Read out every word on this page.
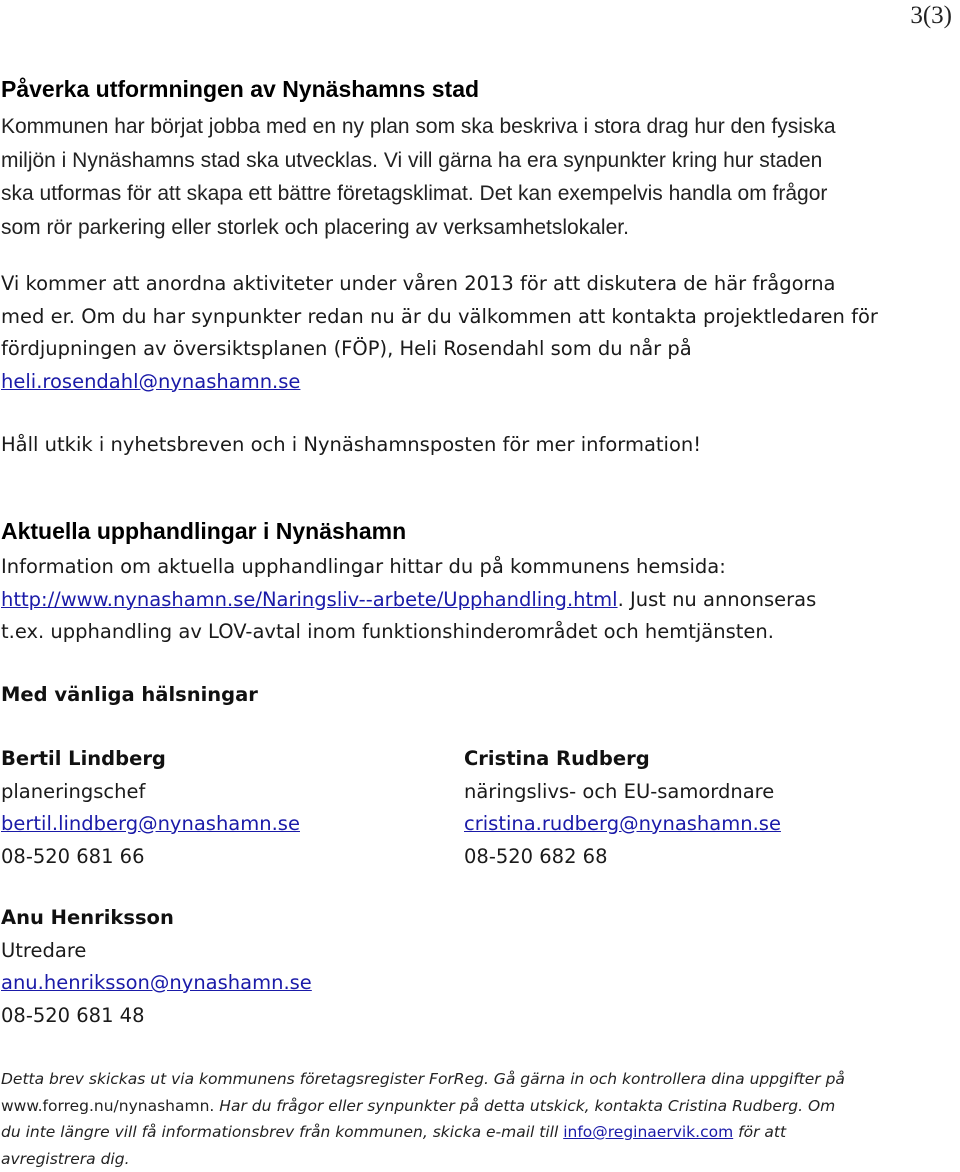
3(3)
Påverka utformningen av Nynäshamns stad
Kommunen har börjat jobba med en ny plan som ska beskriva i stora drag hur den fysiska
miljön i Nynäshamns stad ska utvecklas. Vi vill gärna ha era synpunkter kring hur staden
ska utformas för att skapa ett bättre företagsklimat. Det kan exempelvis handla om frågor
som rör parkering eller storlek och placering av verksamhetslokaler.
Vi kommer att anordna aktiviteter under våren 2013 för att diskutera de här frågorna
med er. Om du har synpunkter redan nu är du välkommen att kontakta projektledaren för
fördjupningen av översiktsplanen (FÖP), Heli Rosendahl som du når på
heli.rosendahl@nynashamn.se
Håll utkik i nyhetsbreven och i Nynäshamnsposten för mer information!
Aktuella upphandlingar i Nynäshamn
Information om aktuella upphandlingar hittar du på kommunens hemsida:
http://www.nynashamn.se/Naringsliv--arbete/Upphandling.html. Just nu annonseras
t.ex. upphandling av LOV-avtal inom funktionshinderområdet och hemtjänsten.
Med vänliga hälsningar
Bertil Lindberg
planeringschef
bertil.lindberg@nynashamn.se
08-520 681 66
Cristina Rudberg
näringslivs- och EU-samordnare
cristina.rudberg@nynashamn.se
08-520 682 68
Anu Henriksson
Utredare
anu.henriksson@nynashamn.se
08-520 681 48
Detta brev skickas ut via kommunens företagsregister ForReg. Gå gärna in och kontrollera dina uppgifter på
www.forreg.nu/nynashamn. Har du frågor eller synpunkter på detta utskick, kontakta Cristina Rudberg. Om
du inte längre vill få informationsbrev från kommunen, skicka e-mail till info@reginaervik.com för att
avregistrera dig.
